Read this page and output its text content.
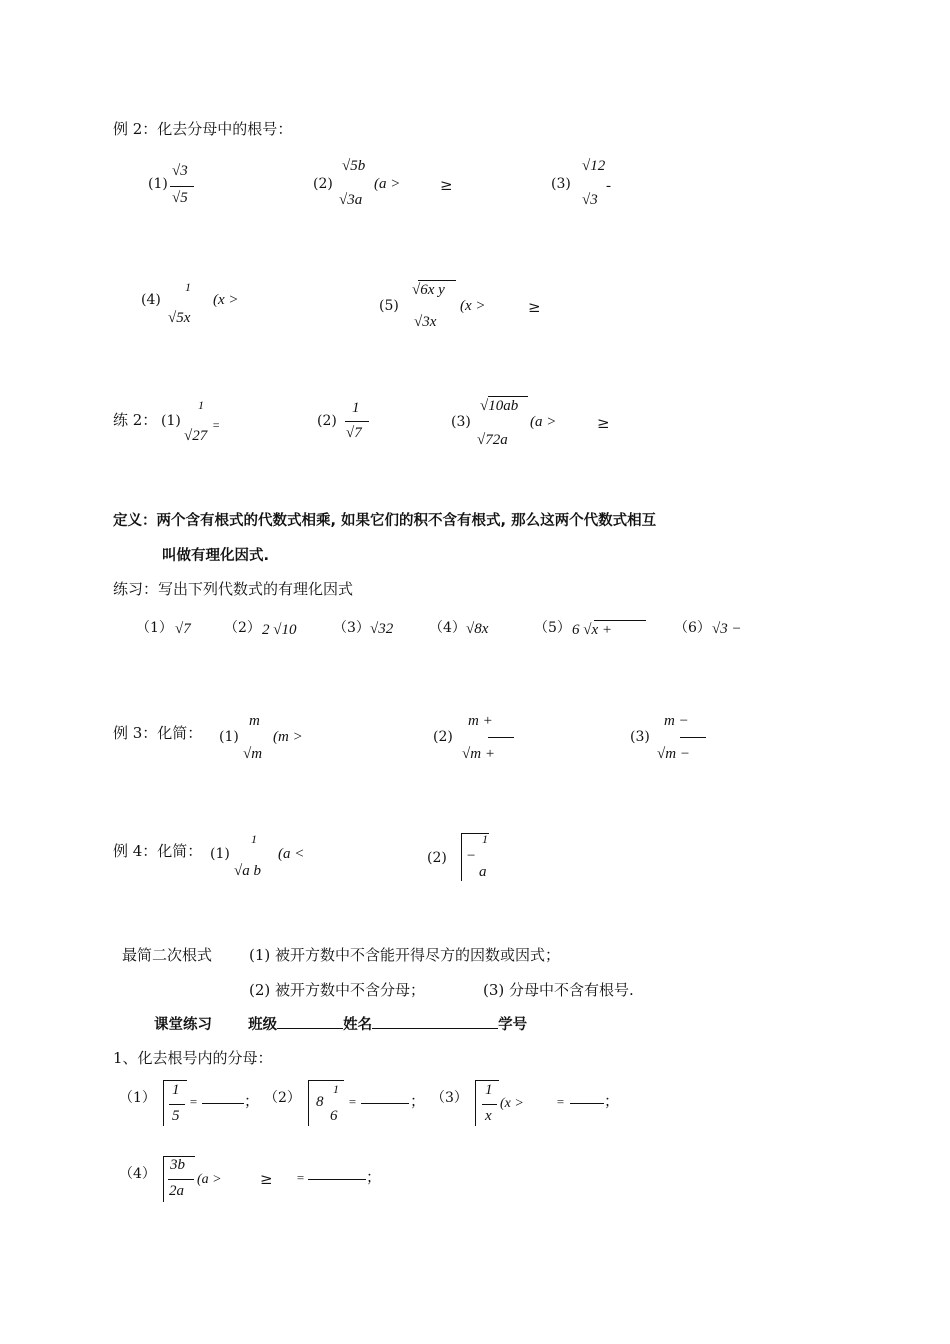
例 2：化去分母中的根号：
(1)
√3
√5
(2)
√5b
√3a
(a >	≥	(3)
√12
√3
-
(4)
1
√5x
(x >	(5)
√6x y
√3x
(x >	≥
练 2： (1)
1
√27
=	(2)
1
√7
(3)
√10ab
√72a
(a >	≥
定义：两个含有根式的代数式相乘, 如果它们的积不含有根式, 那么这两个代数式相互
叫做有理化因式.
练习：写出下列代数式的有理化因式
（1） √7 （2） 2 √10	（3） √32	（4） √8x	（5） 6 √x +	（6） √3 −
例 3：化简： (1)
m
√m
(m >	(2)
m +
√m +
(3)
m −
√m −
例 4：化简： (1)
1
√a b
(a <	(2)
1
−
a
最简二次根式 (1) 被开方数中不含能开得尽方的因数或因式；
(2) 被开方数中不含分母；	(3) 分母中不含有根号.
课堂练习 班级	姓名	学号
1、化去根号内的分母：
（1） 1
5
=	； （2） 8
1
6
=	； （3） 1
x
(x > =	；
（4）
3b
2a
(a >	≥ =	；
